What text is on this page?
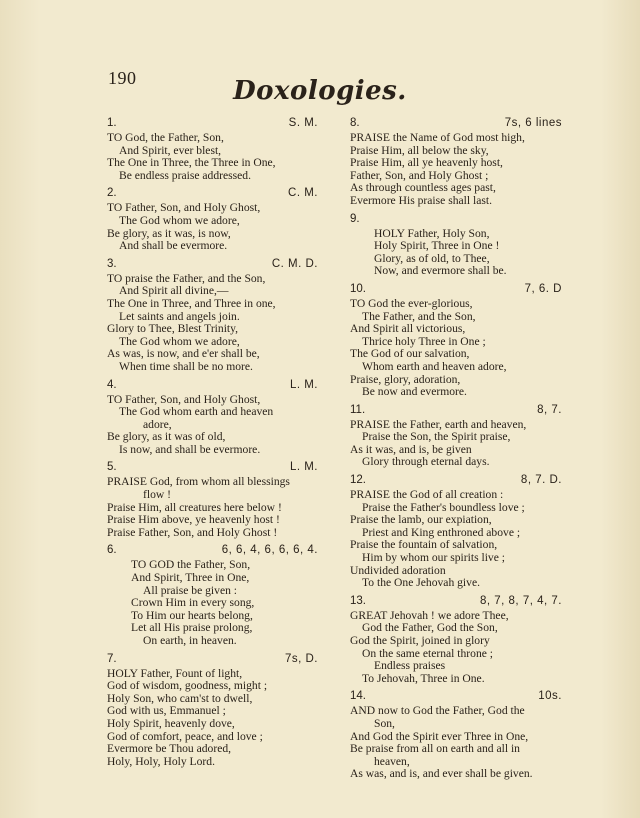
190	Doxologies.
1.	S. M.
TO God, the Father, Son,
And Spirit, ever blest,
The One in Three, the Three in One,
Be endless praise addressed.
2.	C. M.
TO Father, Son, and Holy Ghost,
The God whom we adore,
Be glory, as it was, is now,
And shall be evermore.
3.	C. M. D.
TO praise the Father, and the Son,
And Spirit all divine,—
The One in Three, and Three in one,
Let saints and angels join.
Glory to Thee, Blest Trinity,
The God whom we adore,
As was, is now, and e'er shall be,
When time shall be no more.
4.	L. M.
TO Father, Son, and Holy Ghost,
The God whom earth and heaven
adore,
Be glory, as it was of old,
Is now, and shall be evermore.
5.	L. M.
PRAISE God, from whom all blessings
flow !
Praise Him, all creatures here below !
Praise Him above, ye heavenly host !
Praise Father, Son, and Holy Ghost !
6.	6, 6, 4, 6, 6, 6, 4.
TO GOD the Father, Son,
And Spirit, Three in One,
All praise be given :
Crown Him in every song,
To Him our hearts belong,
Let all His praise prolong,
On earth, in heaven.
7.	7s, D.
HOLY Father, Fount of light,
God of wisdom, goodness, might ;
Holy Son, who cam'st to dwell,
God with us, Emmanuel ;
Holy Spirit, heavenly dove,
God of comfort, peace, and love ;
Evermore be Thou adored,
Holy, Holy, Holy Lord.
8.	7s, 6 lines
PRAISE the Name of God most high,
Praise Him, all below the sky,
Praise Him, all ye heavenly host,
Father, Son, and Holy Ghost ;
As through countless ages past,
Evermore His praise shall last.
9.
HOLY Father, Holy Son,
Holy Spirit, Three in One !
Glory, as of old, to Thee,
Now, and evermore shall be.
10.	7, 6. D
TO God the ever-glorious,
The Father, and the Son,
And Spirit all victorious,
Thrice holy Three in One ;
The God of our salvation,
Whom earth and heaven adore,
Praise, glory, adoration,
Be now and evermore.
11.	8, 7.
PRAISE the Father, earth and heaven,
Praise the Son, the Spirit praise,
As it was, and is, be given
Glory through eternal days.
12.	8, 7. D.
PRAISE the God of all creation :
Praise the Father's boundless love ;
Praise the lamb, our expiation,
Priest and King enthroned above ;
Praise the fountain of salvation,
Him by whom our spirits live ;
Undivided adoration
To the One Jehovah give.
13.	8, 7, 8, 7, 4, 7.
GREAT Jehovah ! we adore Thee,
God the Father, God the Son,
God the Spirit, joined in glory
On the same eternal throne ;
Endless praises
To Jehovah, Three in One.
14.	10s.
AND now to God the Father, God the
Son,
And God the Spirit ever Three in One,
Be praise from all on earth and all in
heaven,
As was, and is, and ever shall be given.
